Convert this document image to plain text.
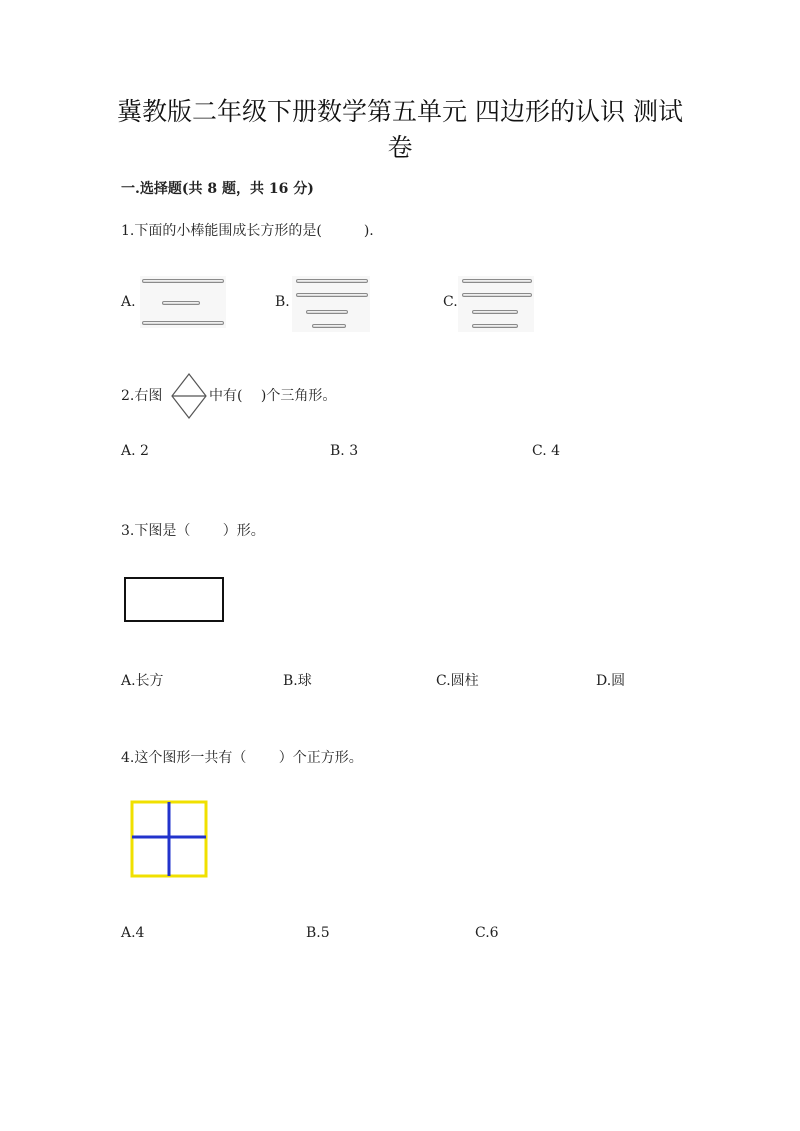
冀教版二年级下册数学第五单元 四边形的认识 测试卷
一.选择题(共 8 题，共 16 分)
1.下面的小棒能围成长方形的是(　　　).
A.	B.	C.
2.右图	中有(　 )个三角形。
A. 2	B. 3	C. 4
3.下图是（　　 ）形。
A.长方	B.球	C.圆柱	D.圆
4.这个图形一共有（　　 ）个正方形。
A.4	B.5	C.6
